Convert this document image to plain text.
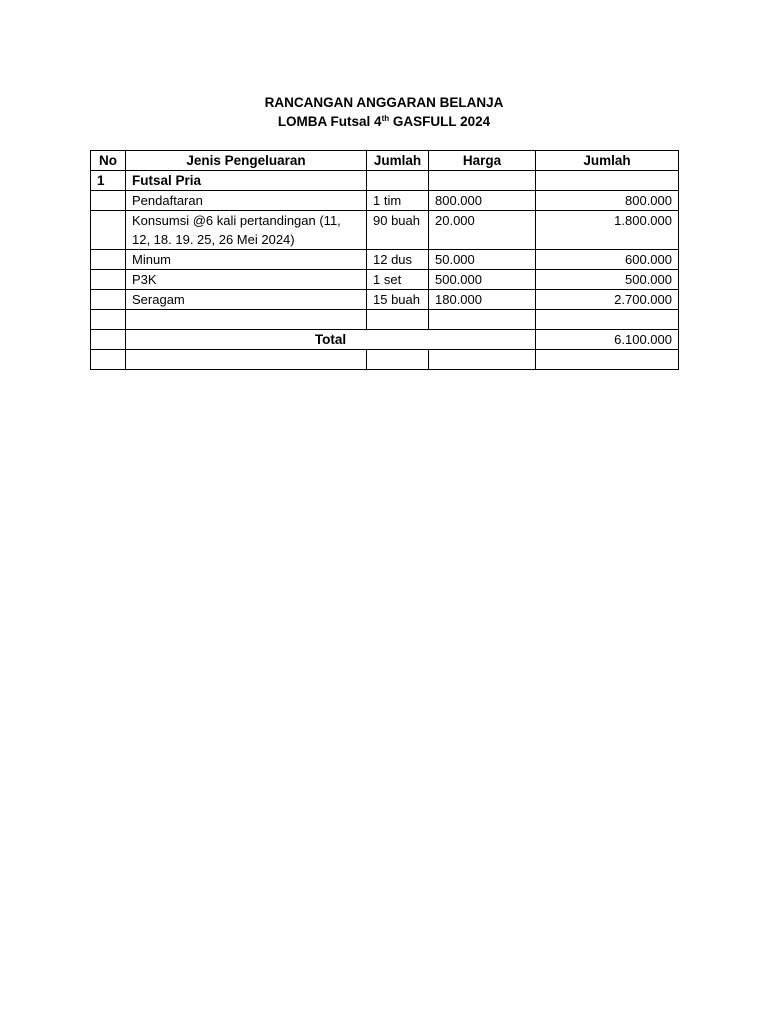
RANCANGAN ANGGARAN BELANJA
LOMBA Futsal 4th GASFULL 2024
No	Jenis Pengeluaran	Jumlah	Harga	Jumlah
1	Futsal Pria			
	Pendaftaran	1 tim	800.000	800.000
	Konsumsi @6 kali pertandingan (11, 12, 18. 19. 25, 26 Mei 2024)	90 buah	20.000	1.800.000
	Minum	12 dus	50.000	600.000
	P3K	1 set	500.000	500.000
	Seragam	15 buah	180.000	2.700.000

	Total			6.100.000
